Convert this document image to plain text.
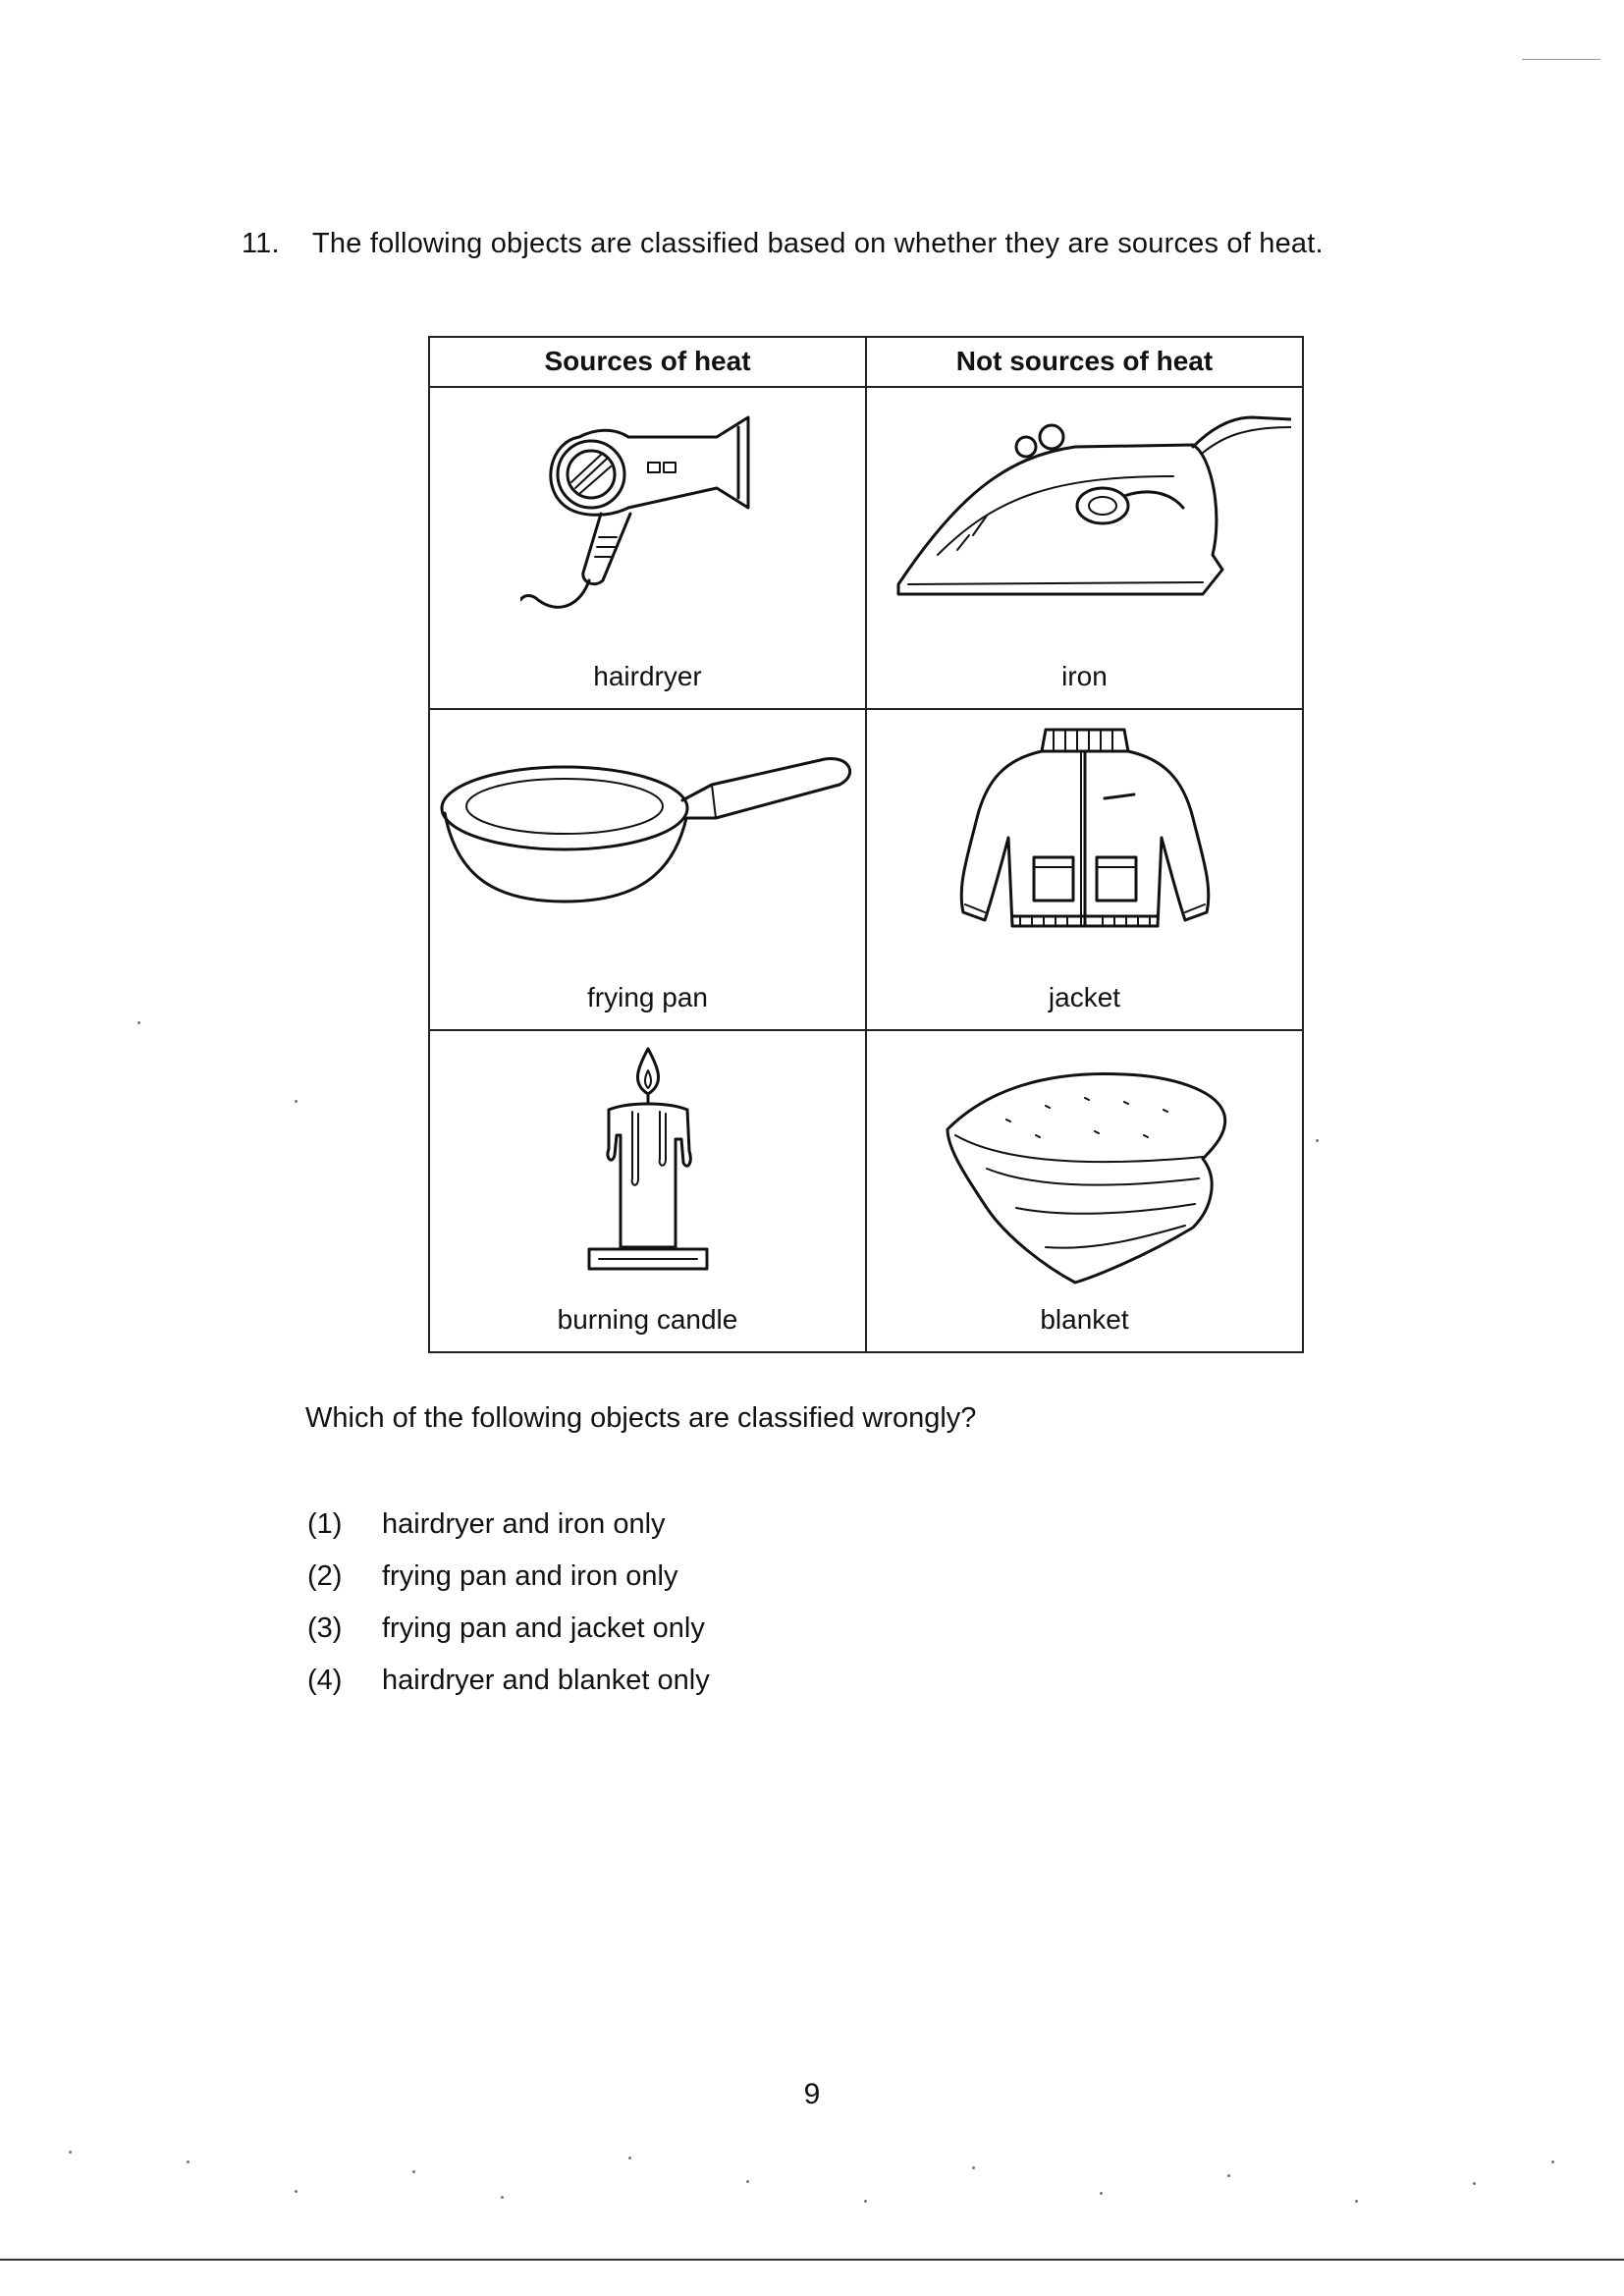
11. The following objects are classified based on whether they are sources of heat.
Sources of heat	Not sources of heat

hairdryer	iron

frying pan	jacket

burning candle	blanket
Which of the following objects are classified wrongly?
(1)	hairdryer and iron only
(2)	frying pan and iron only
(3)	frying pan and jacket only
(4)	hairdryer and blanket only
9
